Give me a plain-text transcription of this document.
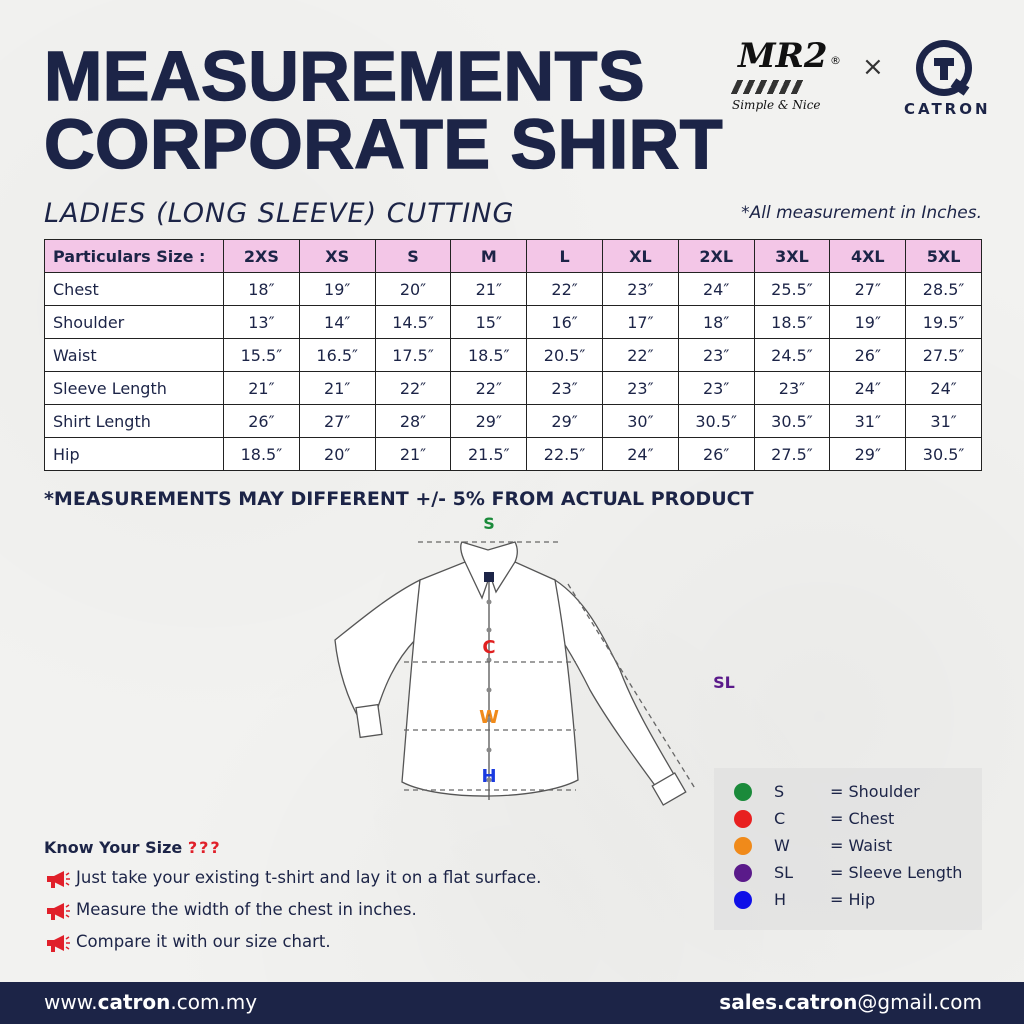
MEASUREMENTS
CORPORATE SHIRT
MR2 ®
Simple & Nice
×
CATRON
LADIES (LONG SLEEVE) CUTTING	*All measurement in Inches.
Particulars Size :	2XS	XS	S	M	L	XL	2XL	3XL	4XL	5XL
Chest	18″	19″	20″	21″	22″	23″	24″	25.5″	27″	28.5″
Shoulder	13″	14″	14.5″	15″	16″	17″	18″	18.5″	19″	19.5″
Waist	15.5″	16.5″	17.5″	18.5″	20.5″	22″	23″	24.5″	26″	27.5″
Sleeve Length	21″	21″	22″	22″	23″	23″	23″	23″	24″	24″
Shirt Length	26″	27″	28″	29″	29″	30″	30.5″	30.5″	31″	31″
Hip	18.5″	20″	21″	21.5″	22.5″	24″	26″	27.5″	29″	30.5″
*MEASUREMENTS MAY DIFFERENT +/- 5% FROM ACTUAL PRODUCT
S
C
W
H
SL
S	= Shoulder
C	= Chest
W	= Waist
SL = Sleeve Length
H	= Hip
Know Your Size ???
Just take your existing t-shirt and lay it on a flat surface.
Measure the width of the chest in inches.
Compare it with our size chart.
www.catron.com.my	sales.catron@gmail.com
